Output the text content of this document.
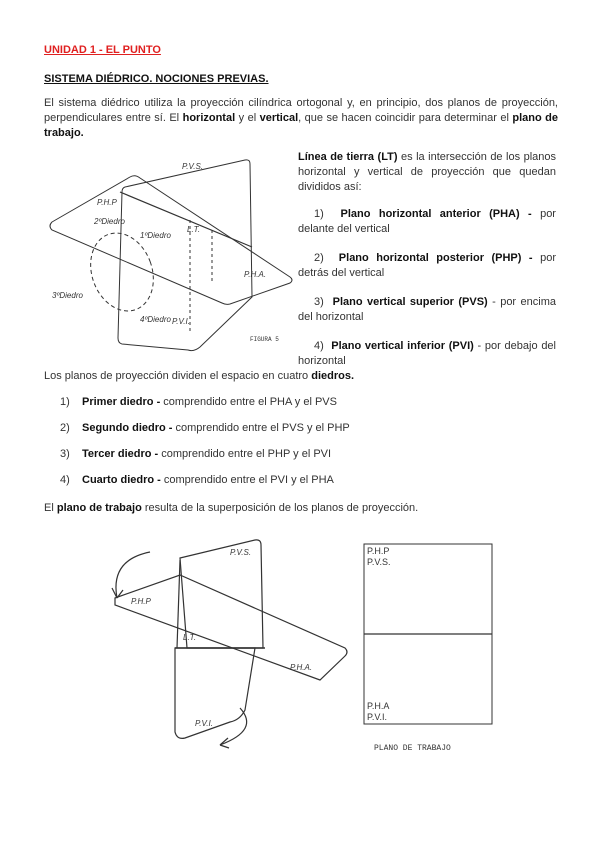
UNIDAD 1 - EL PUNTO
SISTEMA DIÉDRICO. NOCIONES PREVIAS.
El sistema diédrico utiliza la proyección cilíndrica ortogonal y, en principio, dos planos de proyección, perpendiculares entre sí. El horizontal y el vertical, que se hacen coincidir para determinar el plano de trabajo.
P.V.S.
P.H.P
2ºDiedro
1ºDiedro
L.T.
P.H.A.
3ºDiedro
4ºDiedro P.V.I.
FIGURA 5
Línea de tierra (LT) es la intersección de los planos horizontal y vertical de proyección que quedan divididos así:
1) Plano horizontal anterior (PHA) - por delante del vertical
2) Plano horizontal posterior (PHP) - por detrás del vertical
3) Plano vertical superior (PVS) - por encima del horizontal
4) Plano vertical inferior (PVI) - por debajo del horizontal
Los planos de proyección dividen el espacio en cuatro diedros.
1) Primer diedro - comprendido entre el PHA y el PVS
2) Segundo diedro - comprendido entre el PVS y el PHP
3) Tercer diedro - comprendido entre el PHP y el PVI
4) Cuarto diedro - comprendido entre el PVI y el PHA
El plano de trabajo resulta de la superposición de los planos de proyección.
P.V.S.
P.H.P
L.T.
P.H.A.
P.V.I.
P.H.P
P.V.S.
P.H.A
P.V.I.
PLANO DE TRABAJO
